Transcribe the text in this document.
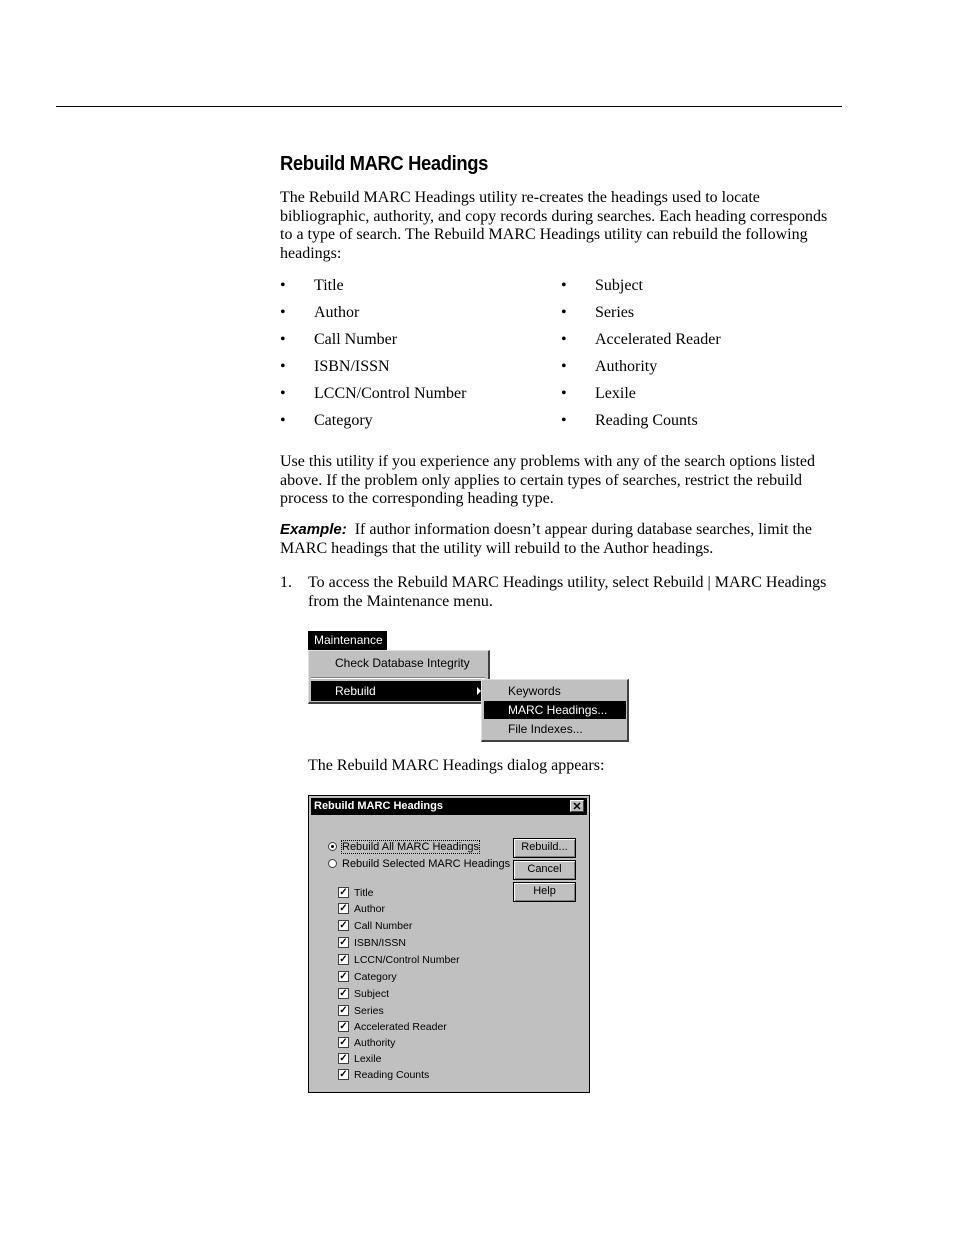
Rebuild MARC Headings

The Rebuild MARC Headings utility re-creates the headings used to locate bibliographic, authority, and copy records during searches. Each heading corresponds to a type of search. The Rebuild MARC Headings utility can rebuild the following headings:

• Title
• Author
• Call Number
• ISBN/ISSN
• LCCN/Control Number
• Category
• Subject
• Series
• Accelerated Reader
• Authority
• Lexile
• Reading Counts

Use this utility if you experience any problems with any of the search options listed above. If the problem only applies to certain types of searches, restrict the rebuild process to the corresponding heading type.

Example: If author information doesn’t appear during database searches, limit the MARC headings that the utility will rebuild to the Author headings.

1. To access the Rebuild MARC Headings utility, select Rebuild | MARC Headings from the Maintenance menu.
Maintenance
Check Database Integrity
Rebuild	Keywords
MARC Headings...
File Indexes...
The Rebuild MARC Headings dialog appears:
Rebuild MARC Headings	✕
Rebuild All MARC Headings
Rebuild Selected MARC Headings
✓ Title
✓ Author
✓ Call Number
✓ ISBN/ISSN
✓ LCCN/Control Number
✓ Category
✓ Subject
✓ Series
✓ Accelerated Reader
✓ Authority
✓ Lexile
✓ Reading Counts
Rebuild...
Cancel
Help
